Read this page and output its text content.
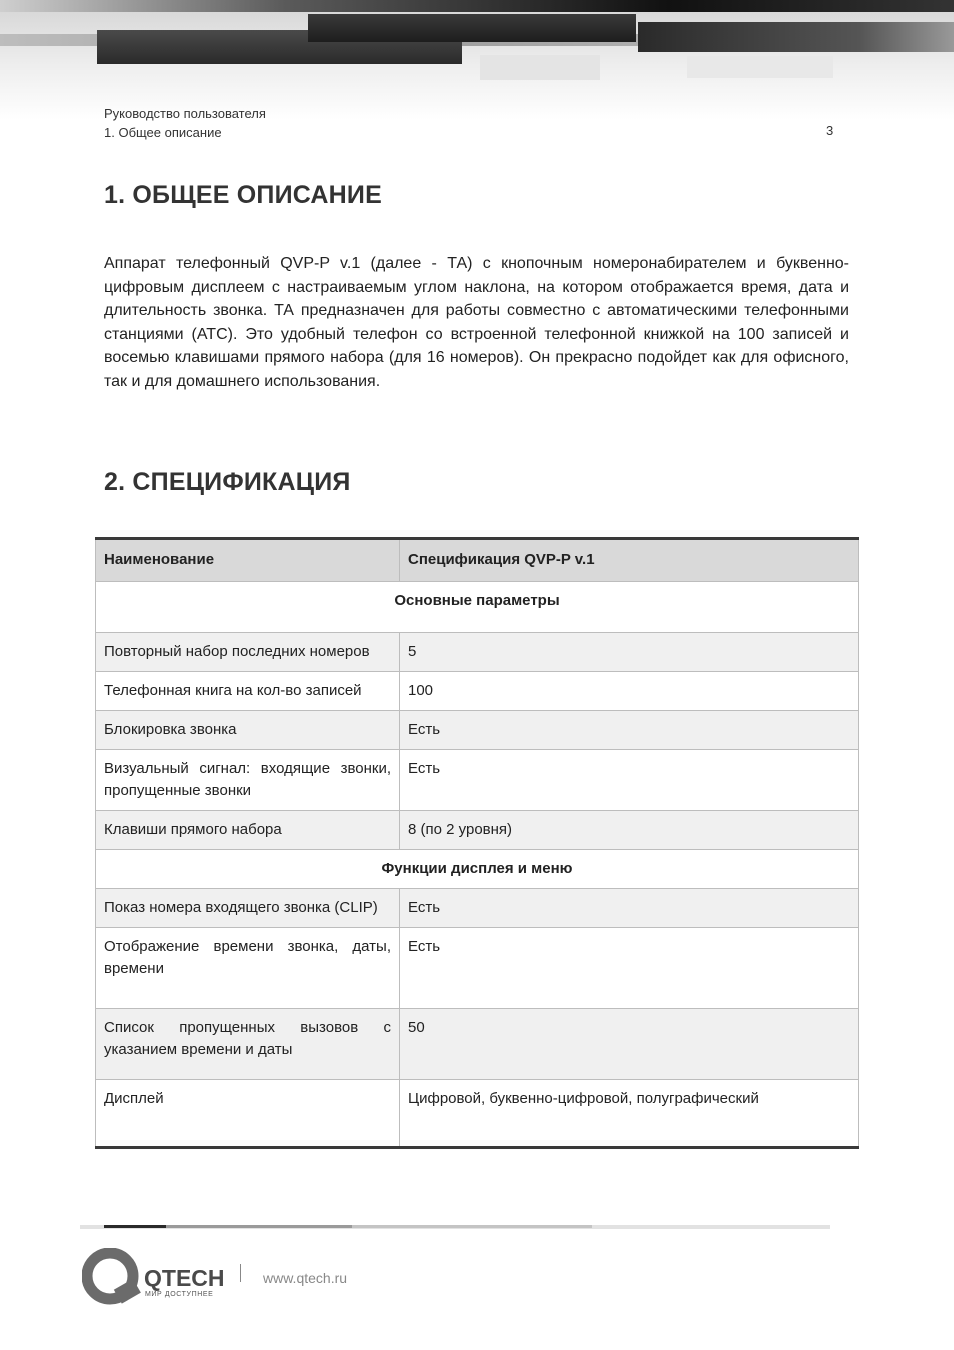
Руководство пользователя
1. Общее описание	3
1. ОБЩЕЕ ОПИСАНИЕ

Аппарат телефонный QVP-P v.1 (далее - ТА) с кнопочным номеронабирателем и буквенно-цифровым дисплеем с настраиваемым углом наклона, на котором отображается время, дата и длительность звонка. ТА предназначен для работы совместно с автоматическими телефонными станциями (АТС). Это удобный телефон со встроенной телефонной книжкой на 100 записей и восемью клавишами прямого набора (для 16 номеров). Он прекрасно подойдет как для офисного, так и для домашнего использования.

2. СПЕЦИФИКАЦИЯ
Наименование	Спецификация QVP-P v.1
Основные параметры	
Повторный набор последних номеров	5
Телефонная книга на кол-во записей	100
Блокировка звонка	Есть
Визуальный сигнал: входящие звонки, пропущенные звонки	Есть
Клавиши прямого набора	8 (по 2 уровня)
Функции дисплея и меню	
Показ номера входящего звонка (CLIP)	Есть
Отображение времени звонка, даты, времени	Есть
Список пропущенных вызовов с указанием времени и даты	50
Дисплей	Цифровой, буквенно-цифровой, полуграфический
QTECH
МИР ДОСТУПНЕЕ
www.qtech.ru
